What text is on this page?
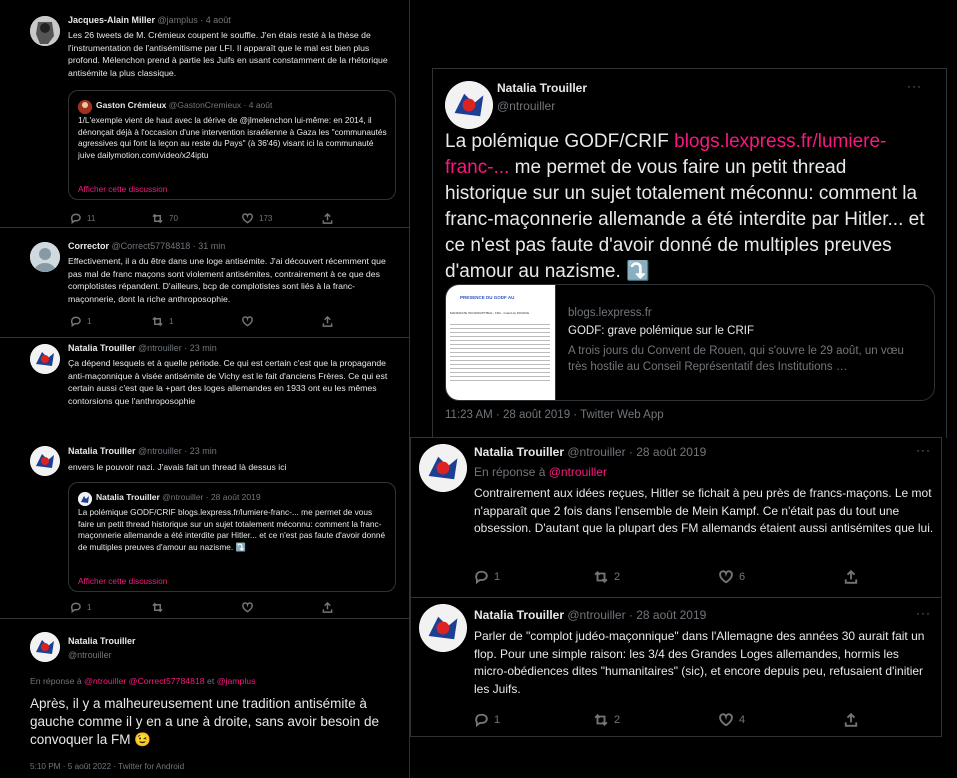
Jacques-Alain Miller @jamplus · 4 août
Les 26 tweets de M. Crémieux coupent le souffle. J'en étais resté à la thèse de l'instrumentation de l'antisémitisme par LFI. Il apparaît que le mal est bien plus profond. Mélenchon prend à partie les Juifs en usant constamment de la rhétorique antisémite la plus classique.
Gaston Crémieux @GastonCremieux · 4 août
1/L'exemple vient de haut avec la dérive de @jlmelenchon lui-même: en 2014, il dénonçait déjà à l'occasion d'une intervention israélienne à Gaza les "communautés agressives qui font la leçon au reste du Pays" (à 36'46) visant ici la communauté juive dailymotion.com/video/x24iptu
Afficher cette discussion
11	70	173
Corrector @Correct57784818 · 31 min
Effectivement, il a du être dans une loge antisémite. J'ai découvert récemment que pas mal de franc maçons sont violement antisémites, contrairement à ce que des complotistes répandent. D'ailleurs, bcp de complotistes sont liés à la franc-maçonnerie, dont la riche anthroposophie.
1	1
Natalia Trouiller @ntrouiller · 23 min
Ça dépend lesquels et à quelle période. Ce qui est certain c'est que la propagande anti-maçonnique à visée antisémite de Vichy est le fait d'anciens Frères. Ce qui est certain aussi c'est que la +part des loges allemandes en 1933 ont eu les mêmes contorsions que l'anthroposophie
Natalia Trouiller @ntrouiller · 23 min
envers le pouvoir nazi. J'avais fait un thread là dessus ici
Natalia Trouiller @ntrouiller · 28 août 2019
La polémique GODF/CRIF blogs.lexpress.fr/lumiere-franc-... me permet de vous faire un petit thread historique sur un sujet totalement méconnu: comment la franc-maçonnerie allemande a été interdite par Hitler... et ce n'est pas faute d'avoir donné de multiples preuves d'amour au nazisme. ⤵️
Afficher cette discussion
1
Natalia Trouiller
@ntrouiller
En réponse à @ntrouiller @Correct57784818 et @jamplus
Après, il y a malheureusement une tradition antisémite à gauche comme il y en a une à droite, sans avoir besoin de convoquer la FM 😉
5:10 PM · 5 août 2022 · Twitter for Android
Natalia Trouiller
@ntrouiller
···
La polémique GODF/CRIF blogs.lexpress.fr/lumiere-franc-... me permet de vous faire un petit thread historique sur un sujet totalement méconnu: comment la franc-maçonnerie allemande a été interdite par Hitler... et ce n'est pas faute d'avoir donné de multiples preuves d'amour au nazisme. ⤵️
PRESENCE DU GODF AU
MANIFESTE INCORRUPTIBLE - FRA - Grand de FRANCE	blogs.lexpress.fr
GODF: grave polémique sur le CRIF
A trois jours du Convent de Rouen, qui s'ouvre le 29 août, un vœu très hostile au Conseil Représentatif des Institutions …
11:23 AM · 28 août 2019 · Twitter Web App
Natalia Trouiller @ntrouiller · 28 août 2019	···
En réponse à @ntrouiller
Contrairement aux idées reçues, Hitler se fichait à peu près de francs-maçons. Le mot n'apparaît que 2 fois dans l'ensemble de Mein Kampf. Ce n'était pas du tout une obsession. D'autant que la plupart des FM allemands étaient aussi antisémites que lui.
1	2	6
Natalia Trouiller @ntrouiller · 28 août 2019	···
Parler de "complot judéo-maçonnique" dans l'Allemagne des années 30 aurait fait un flop. Pour une simple raison: les 3/4 des Grandes Loges allemandes, hormis les micro-obédiences dites "humanitaires" (sic), et encore depuis peu, refusaient d'initier les Juifs.
1	2	4
